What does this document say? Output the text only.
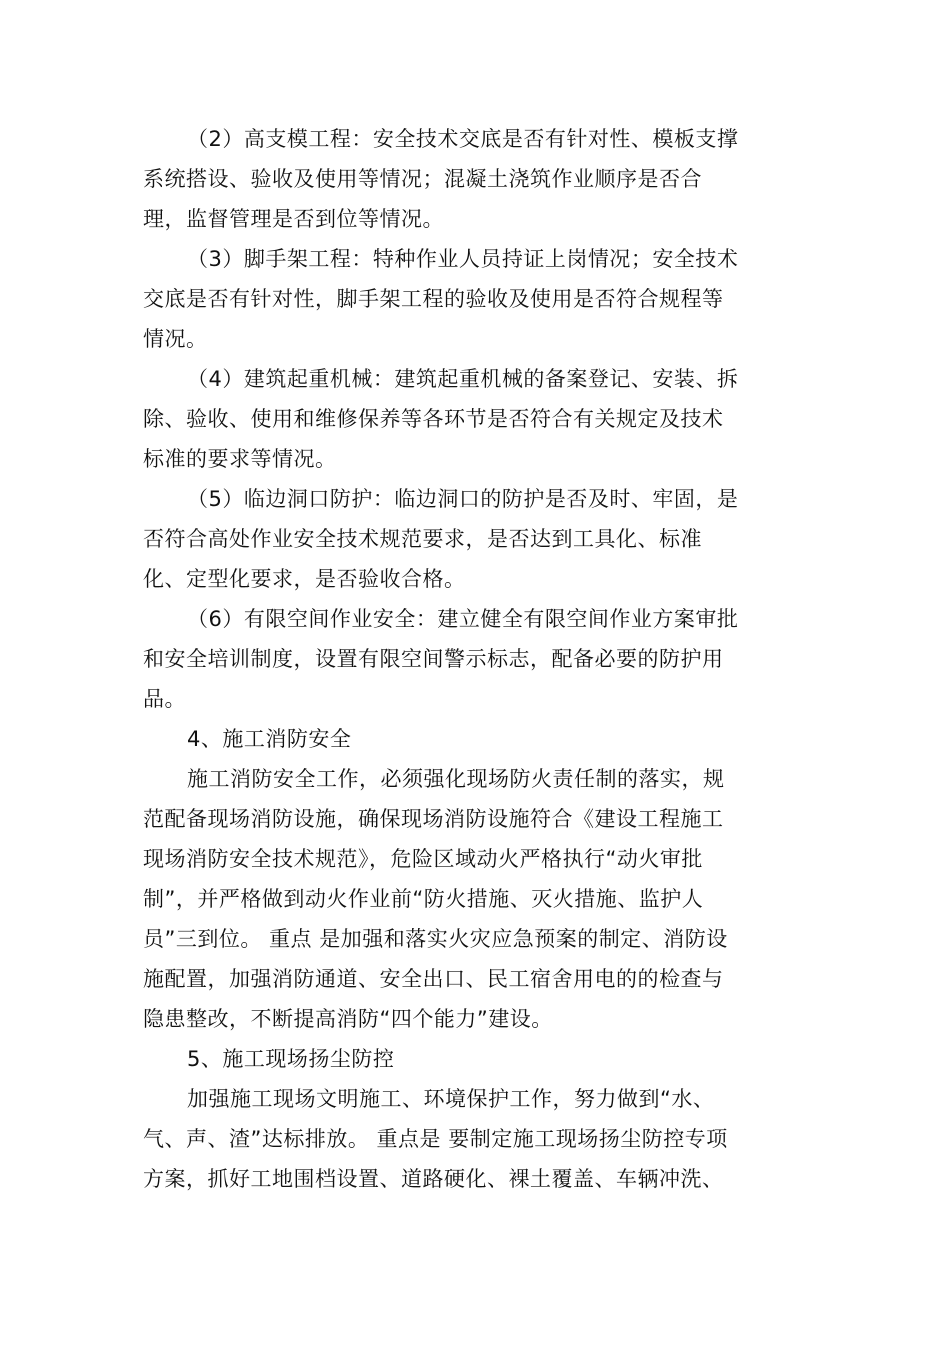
（2）高支模工程：安全技术交底是否有针对性、模板支撑
系统搭设、验收及使用等情况；混凝土浇筑作业顺序是否合
理，监督管理是否到位等情况。
（3）脚手架工程：特种作业人员持证上岗情况；安全技术
交底是否有针对性，脚手架工程的验收及使用是否符合规程等
情况。
（4）建筑起重机械：建筑起重机械的备案登记、安装、拆
除、验收、使用和维修保养等各环节是否符合有关规定及技术
标准的要求等情况。
（5）临边洞口防护：临边洞口的防护是否及时、牢固，是
否符合高处作业安全技术规范要求，是否达到工具化、标准
化、定型化要求，是否验收合格。
（6）有限空间作业安全：建立健全有限空间作业方案审批
和安全培训制度，设置有限空间警示标志，配备必要的防护用
品。
4、施工消防安全
施工消防安全工作，必须强化现场防火责任制的落实，规
范配备现场消防设施，确保现场消防设施符合《建设工程施工
现场消防安全技术规范》，危险区域动火严格执行“动火审批
制”，并严格做到动火作业前“防火措施、灭火措施、监护人
员”三到位。 重点 是加强和落实火灾应急预案的制定、消防设
施配置，加强消防通道、安全出口、民工宿舍用电的的检查与
隐患整改，不断提高消防“四个能力”建设。
5、施工现场扬尘防控
加强施工现场文明施工、环境保护工作，努力做到“水、
气、声、渣”达标排放。 重点是 要制定施工现场扬尘防控专项
方案，抓好工地围档设置、道路硬化、裸土覆盖、车辆冲洗、
